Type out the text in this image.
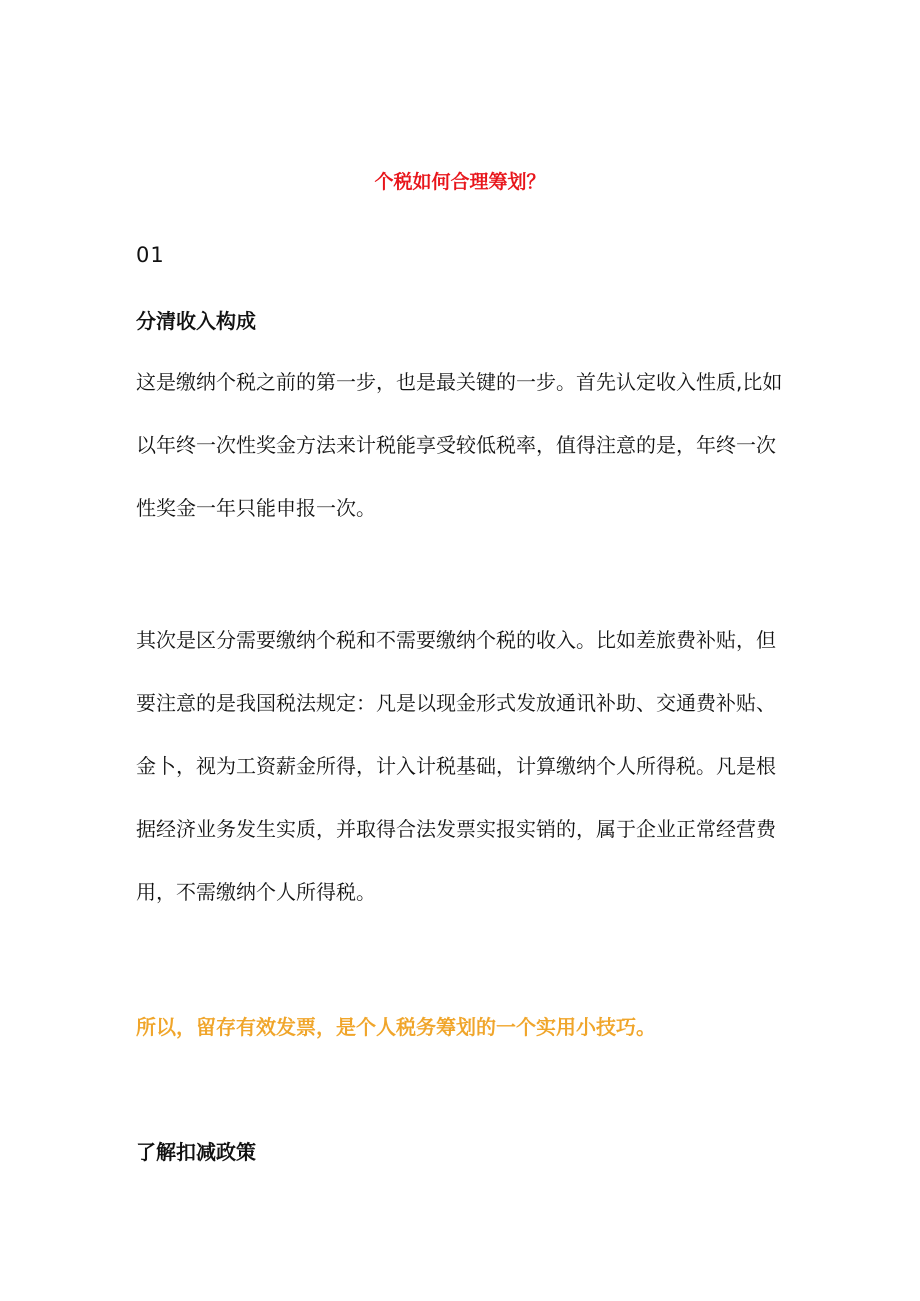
个税如何合理筹划？
01
分清收入构成

这是缴纳个税之前的第一步，也是最关键的一步。首先认定收入性质,比如

以年终一次性奖金方法来计税能享受较低税率，值得注意的是，年终一次

性奖金一年只能申报一次。

其次是区分需要缴纳个税和不需要缴纳个税的收入。比如差旅费补贴，但

要注意的是我国税法规定：凡是以现金形式发放通讯补助、交通费补贴、

金卜，视为工资薪金所得，计入计税基础，计算缴纳个人所得税。凡是根

据经济业务发生实质，并取得合法发票实报实销的，属于企业正常经营费

用，不需缴纳个人所得税。

所以，留存有效发票，是个人税务筹划的一个实用小技巧。
了解扣减政策
